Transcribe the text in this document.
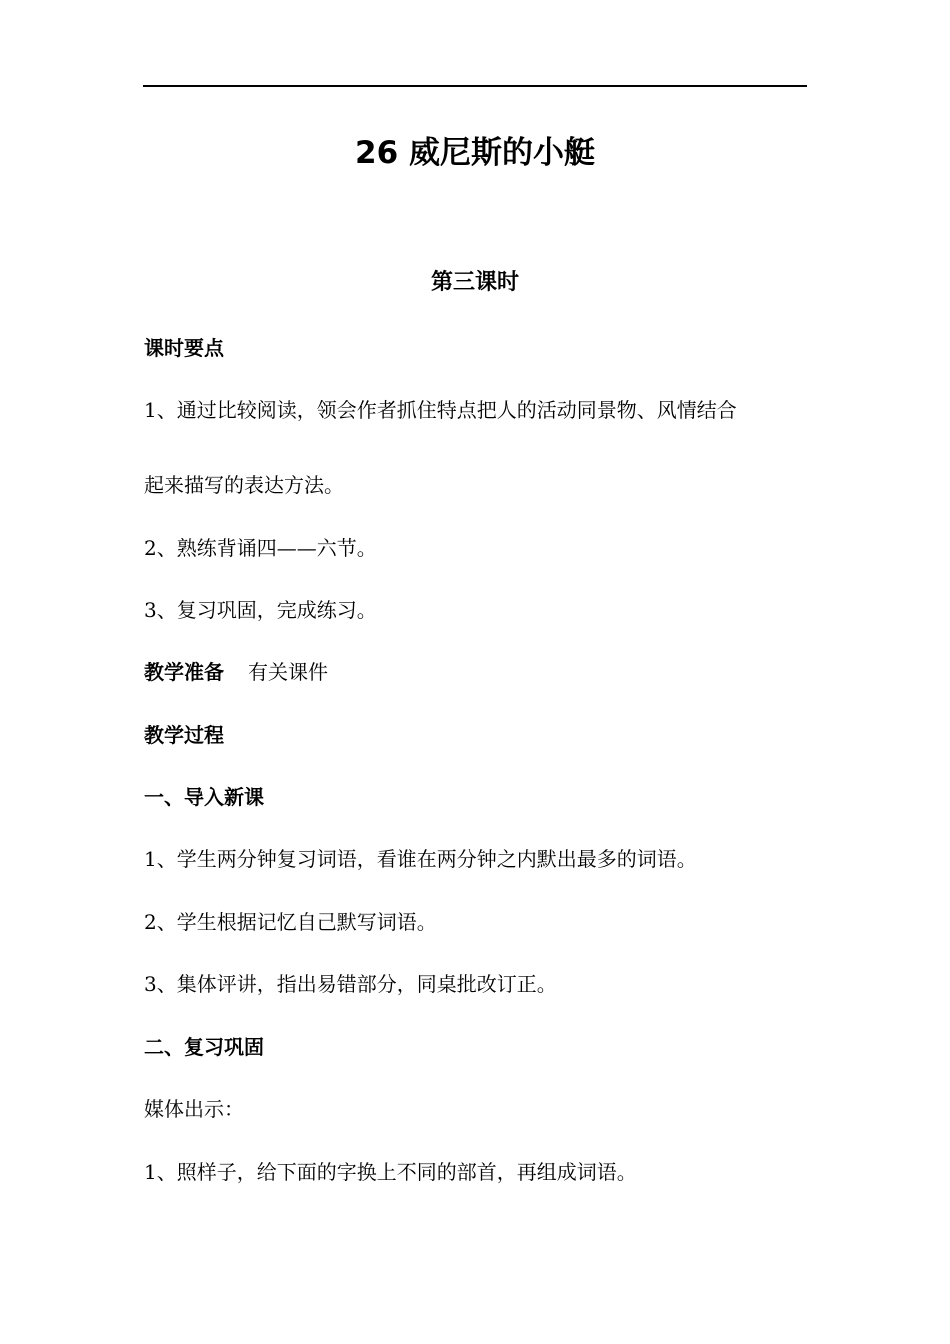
26 威尼斯的小艇
第三课时
课时要点
1、通过比较阅读，领会作者抓住特点把人的活动同景物、风情结合
起来描写的表达方法。
2、熟练背诵四——六节。
3、复习巩固，完成练习。
教学准备 有关课件
教学过程
一、导入新课
1、学生两分钟复习词语，看谁在两分钟之内默出最多的词语。
2、学生根据记忆自己默写词语。
3、集体评讲，指出易错部分，同桌批改订正。
二、复习巩固
媒体出示：
1、照样子，给下面的字换上不同的部首，再组成词语。
